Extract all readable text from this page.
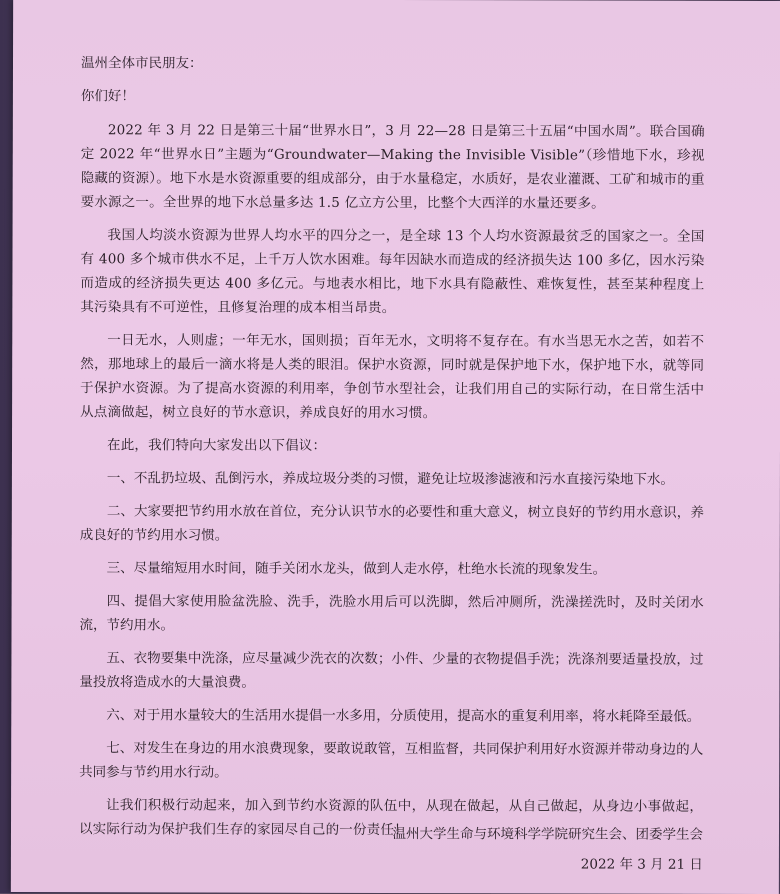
温州全体市民朋友：

你们好！

2022 年 3 月 22 日是第三十届“世界水日”，3 月 22—28 日是第三十五届“中国水周”。联合国确定 2022 年“世界水日”主题为“Groundwater—Making the Invisible Visible”（珍惜地下水，珍视隐藏的资源）。地下水是水资源重要的组成部分，由于水量稳定，水质好，是农业灌溉、工矿和城市的重要水源之一。全世界的地下水总量多达 1.5 亿立方公里，比整个大西洋的水量还要多。

我国人均淡水资源为世界人均水平的四分之一，是全球 13 个人均水资源最贫乏的国家之一。全国有 400 多个城市供水不足，上千万人饮水困难。每年因缺水而造成的经济损失达 100 多亿，因水污染而造成的经济损失更达 400 多亿元。与地表水相比，地下水具有隐蔽性、难恢复性，甚至某种程度上其污染具有不可逆性，且修复治理的成本相当昂贵。

一日无水，人则虚；一年无水，国则损；百年无水，文明将不复存在。有水当思无水之苦，如若不然，那地球上的最后一滴水将是人类的眼泪。保护水资源，同时就是保护地下水，保护地下水，就等同于保护水资源。为了提高水资源的利用率，争创节水型社会，让我们用自己的实际行动，在日常生活中从点滴做起，树立良好的节水意识，养成良好的用水习惯。

在此，我们特向大家发出以下倡议：

一、不乱扔垃圾、乱倒污水，养成垃圾分类的习惯，避免让垃圾渗滤液和污水直接污染地下水。

二、大家要把节约用水放在首位，充分认识节水的必要性和重大意义，树立良好的节约用水意识，养成良好的节约用水习惯。

三、尽量缩短用水时间，随手关闭水龙头，做到人走水停，杜绝水长流的现象发生。

四、提倡大家使用脸盆洗脸、洗手，洗脸水用后可以洗脚，然后冲厕所，洗澡搓洗时，及时关闭水流，节约用水。

五、衣物要集中洗涤，应尽量减少洗衣的次数；小件、少量的衣物提倡手洗；洗涤剂要适量投放，过量投放将造成水的大量浪费。

六、对于用水量较大的生活用水提倡一水多用，分质使用，提高水的重复利用率，将水耗降至最低。

七、对发生在身边的用水浪费现象，要敢说敢管，互相监督，共同保护利用好水资源并带动身边的人共同参与节约用水行动。

让我们积极行动起来，加入到节约水资源的队伍中，从现在做起，从自己做起，从身边小事做起，以实际行动为保护我们生存的家园尽自己的一份责任！

温州大学生命与环境科学学院研究生会、团委学生会
2022 年 3 月 21 日
